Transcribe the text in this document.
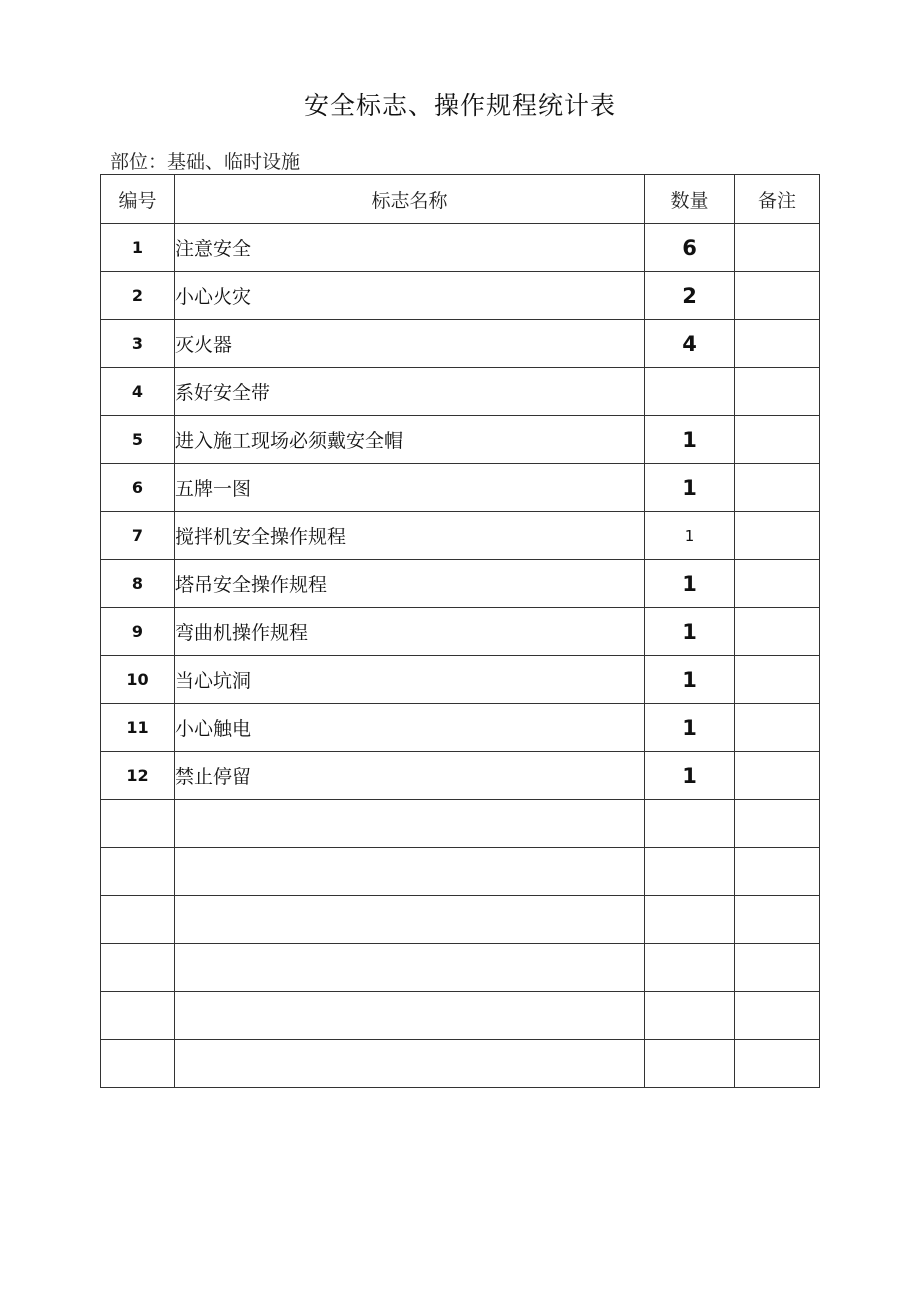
安全标志、操作规程统计表
部位：基础、临时设施
编号	标志名称	数量	备注
1	注意安全	6	
2	小心火灾	2	
3	灭火器	4	
4	系好安全带		
5	进入施工现场必须戴安全帽	1	
6	五牌一图	1	
7	搅拌机安全操作规程	1	
8	塔吊安全操作规程	1	
9	弯曲机操作规程	1	
10	当心坑洞	1	
11	小心触电	1	
12	禁止停留	1	
